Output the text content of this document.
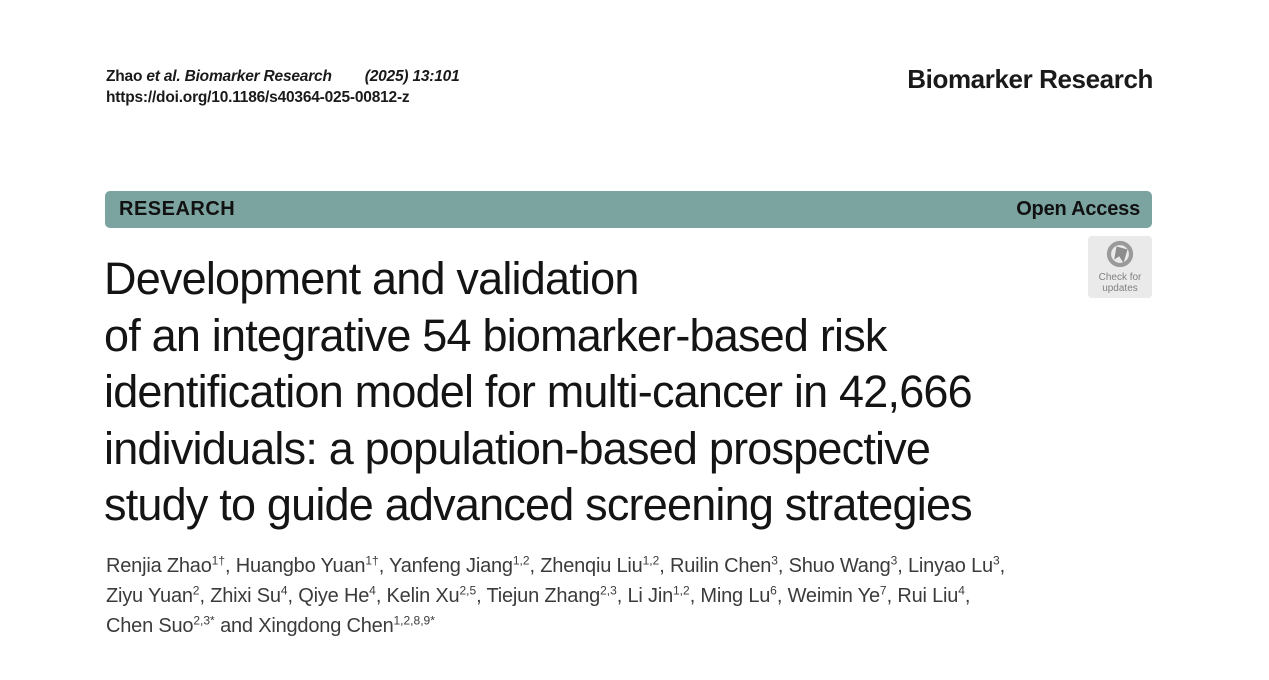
Zhao et al. Biomarker Research (2025) 13:101
https://doi.org/10.1186/s40364-025-00812-z
Biomarker Research
RESEARCH	Open Access
Check for
updates
Development and validation
of an integrative 54 biomarker-based risk
identification model for multi-cancer in 42,666
individuals: a population-based prospective
study to guide advanced screening strategies
Renjia Zhao$^{1\dagger}$, Huangbo Yuan$^{1\dagger}$, Yanfeng Jiang$^{1,2}$, Zhenqiu Liu$^{1,2}$, Ruilin Chen$^3$, Shuo Wang$^3$, Linyao Lu$^3$,
Ziyu Yuan$^2$, Zhixi Su$^4$, Qiye He$^4$, Kelin Xu$^{2,5}$, Tiejun Zhang$^{2,3}$, Li Jin$^{1,2}$, Ming Lu$^6$, Weimin Ye$^7$, Rui Liu$^4$,
Chen Suo$^{2,3*}$ and Xingdong Chen$^{1,2,8,9*}$
